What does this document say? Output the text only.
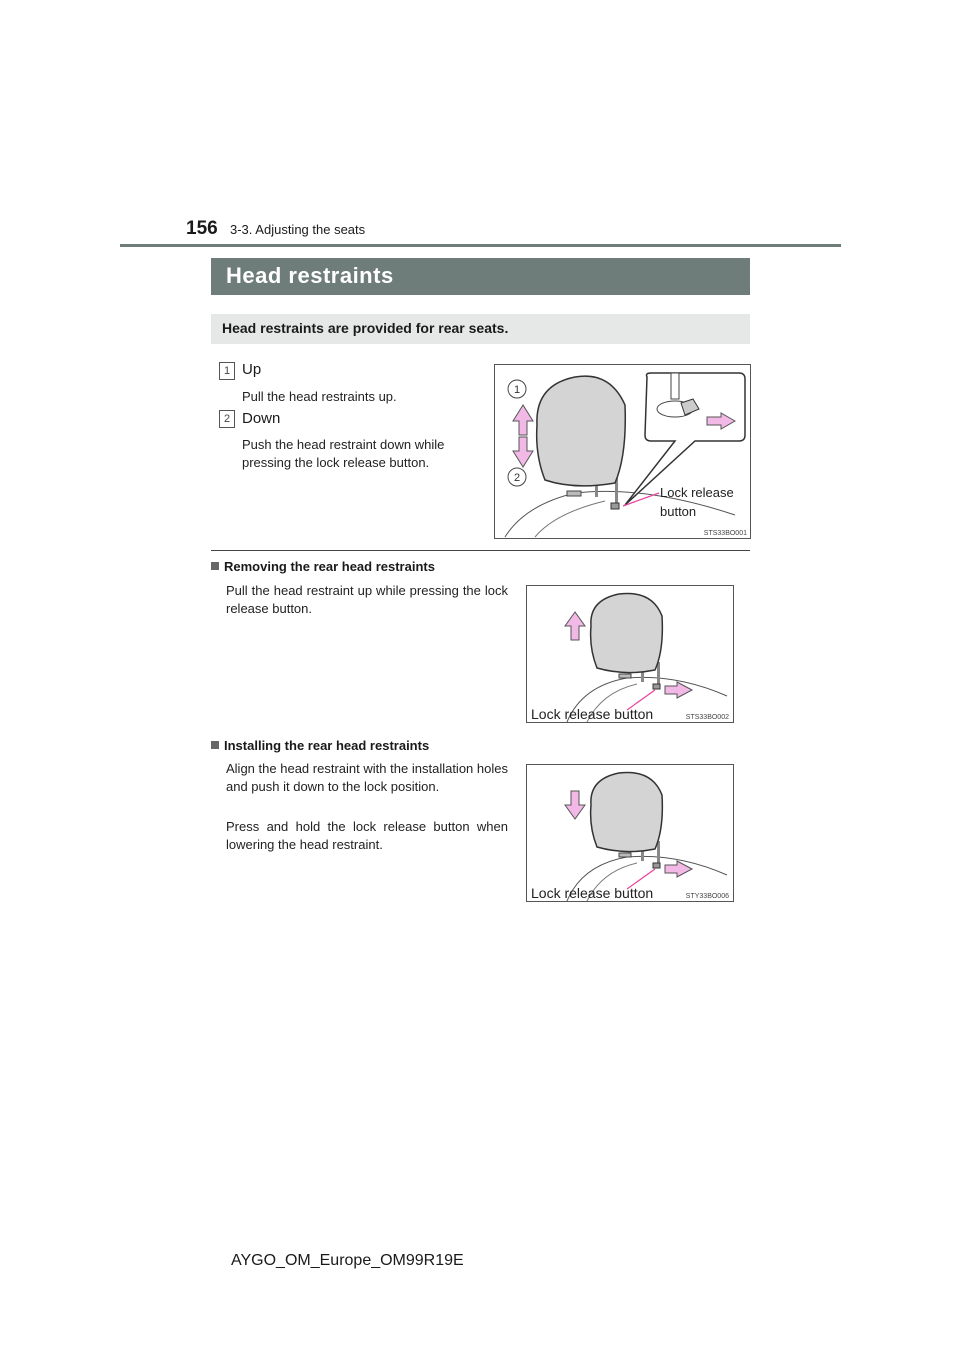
156 3-3. Adjusting the seats
Head restraints
Head restraints are provided for rear seats.
1 Up
Pull the head restraints up.
2 Down
Push the head restraint down while pressing the lock release button.
1
2
Lock release
button
STS33BO001
Removing the rear head restraints
Pull the head restraint up while pressing the lock release button.
Lock release button	STS33BO002
Installing the rear head restraints
Align the head restraint with the installation holes and push it down to the lock position.
Press and hold the lock release button when lowering the head restraint.
Lock release button	STY33BO006
AYGO_OM_Europe_OM99R19E
